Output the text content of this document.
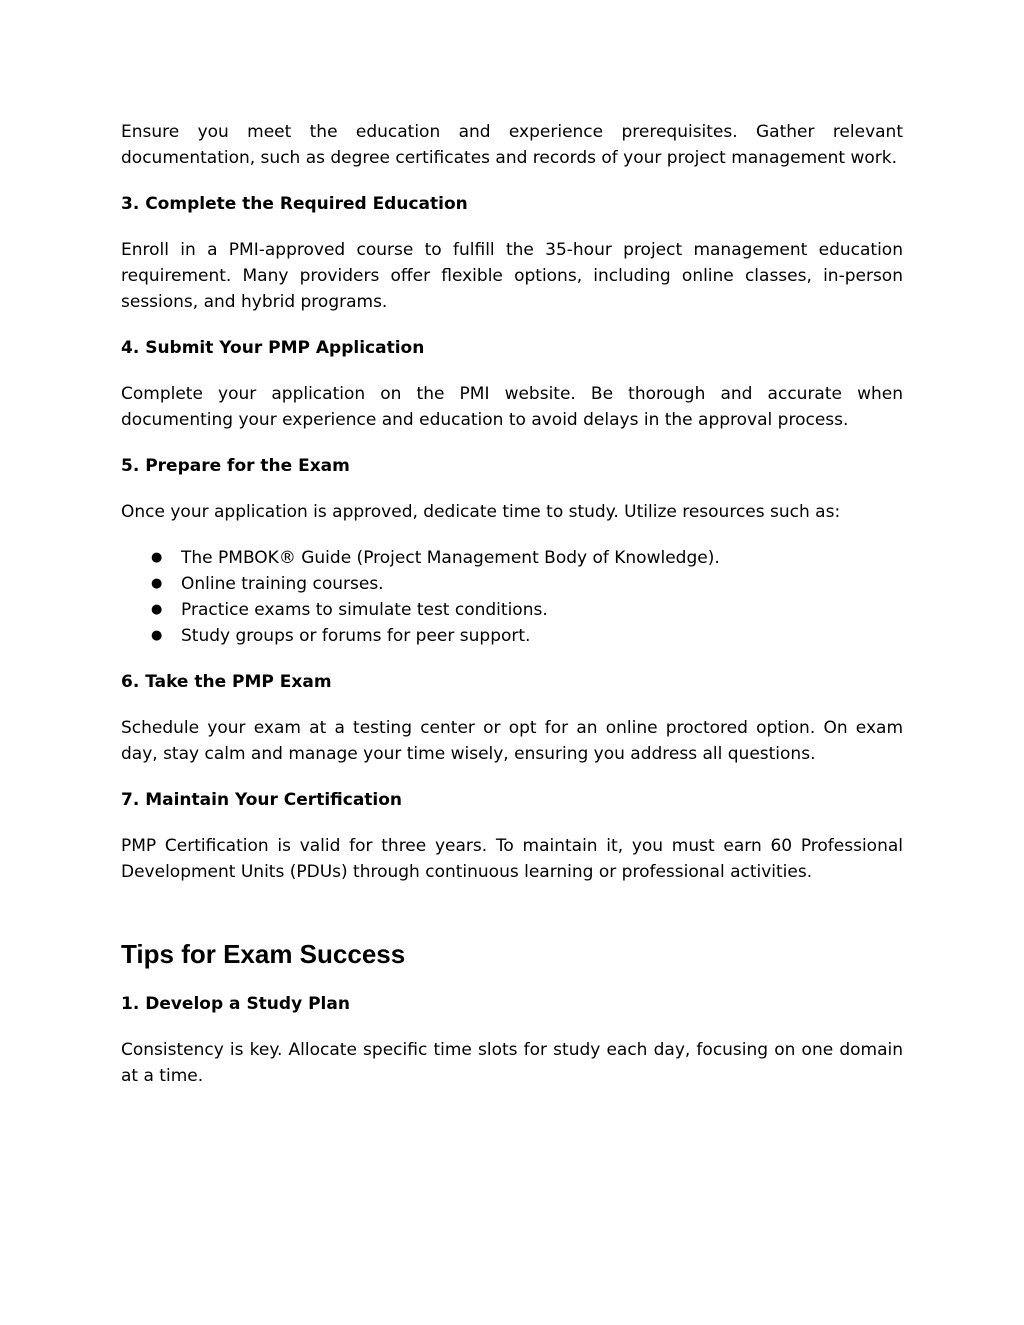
Ensure you meet the education and experience prerequisites. Gather relevant documentation, such as degree certificates and records of your project management work.

3. Complete the Required Education

Enroll in a PMI-approved course to fulfill the 35-hour project management education requirement. Many providers offer flexible options, including online classes, in-person sessions, and hybrid programs.

4. Submit Your PMP Application

Complete your application on the PMI website. Be thorough and accurate when documenting your experience and education to avoid delays in the approval process.

5. Prepare for the Exam

Once your application is approved, dedicate time to study. Utilize resources such as:

● The PMBOK® Guide (Project Management Body of Knowledge).
● Online training courses.
● Practice exams to simulate test conditions.
● Study groups or forums for peer support.
6. Take the PMP Exam

Schedule your exam at a testing center or opt for an online proctored option. On exam day, stay calm and manage your time wisely, ensuring you address all questions.

7. Maintain Your Certification

PMP Certification is valid for three years. To maintain it, you must earn 60 Professional Development Units (PDUs) through continuous learning or professional activities.

Tips for Exam Success
1. Develop a Study Plan

Consistency is key. Allocate specific time slots for study each day, focusing on one domain at a time.
